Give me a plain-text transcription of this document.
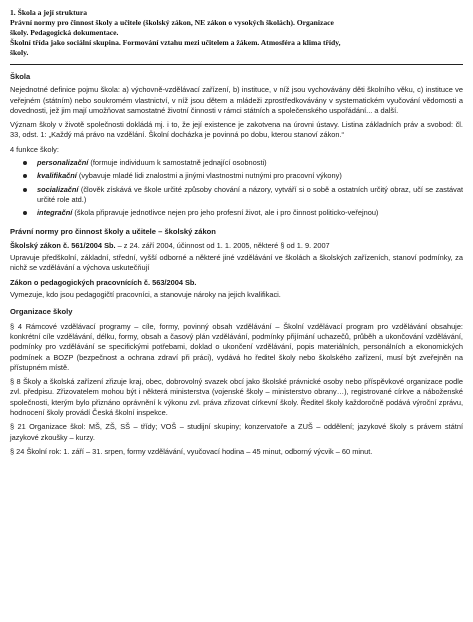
1. Škola a její struktura
Právní normy pro činnost školy a učitele (školský zákon, NE zákon o vysokých školách). Organizace
školy. Pedagogická dokumentace.
Školní třída jako sociální skupina. Formování vztahu mezi učitelem a žákem. Atmosféra a klima třídy,
školy.
Škola

Nejednotné definice pojmu škola: a) výchovně-vzdělávací zařízení, b) instituce, v níž jsou vychovávány děti školního věku, c) instituce ve veřejném (státním) nebo soukromém vlastnictví, v níž jsou dětem a mládeži zprostředkovávány v systematickém vyučování vědomosti a dovednosti, jež jim mají umožňovat samostatné životní činnosti v rámci státních a společenského uspořádání... a další.

Význam školy v životě společnosti dokládá mj. i to, že její existence je zakotvena na úrovni ústavy. Listina základních práv a svobod: čl. 33, odst. 1: „Každý má právo na vzdělání. Školní docházka je povinná po dobu, kterou stanoví zákon.“

4 funkce školy:
personalizační (formuje individuum k samostatně jednající osobnosti)
kvalifikační (vybavuje mladé lidi znalostmi a jinými vlastnostmi nutnými pro pracovní výkony)
socializační (člověk získává ve škole určité způsoby chování a názory, vytváří si o sobě a ostatních určitý obraz, učí se zastávat určité role atd.)
integrační (škola připravuje jednotlivce nejen pro jeho profesní život, ale i pro činnost politicko-veřejnou)
Právní normy pro činnost školy a učitele – školský zákon
Školský zákon č. 561/2004 Sb. – z 24. září 2004, účinnost od 1. 1. 2005, některé § od 1. 9. 2007

Upravuje předškolní, základní, střední, vyšší odborné a některé jiné vzdělávání ve školách a školských zařízeních, stanoví podmínky, za nichž se vzdělávání a výchova uskutečňují

Zákon o pedagogických pracovnících č. 563/2004 Sb.

Vymezuje, kdo jsou pedagogičtí pracovníci, a stanovuje nároky na jejich kvalifikaci.

Organizace školy

§ 4 Rámcové vzdělávací programy – cíle, formy, povinný obsah vzdělávání – Školní vzdělávací program pro vzdělávání obsahuje: konkrétní cíle vzdělávání, délku, formy, obsah a časový plán vzdělávání, podmínky přijímání uchazečů, průběh a ukončování vzdělávání, podmínky pro vzdělávání se specifickými potřebami, doklad o ukončení vzdělávání, popis materiálních, personálních a ekonomických podmínek a BOZP (bezpečnost a ochrana zdraví při práci), vydává ho ředitel školy nebo školského zařízení, musí být zveřejněn na přístupném místě.

§ 8 Školy a školská zařízení zřizuje kraj, obec, dobrovolný svazek obcí jako školské právnické osoby nebo příspěvkové organizace podle zvl. předpisu. Zřizovatelem mohou být i některá ministerstva (vojenské školy – ministerstvo obrany…), registrované církve a náboženské společnosti, kterým bylo přiznáno oprávnění k výkonu zvl. práva zřizovat církevní školy. Ředitel školy každoročně podává výroční zprávu, hodnocení školy provádí Česká školní inspekce.

§ 21 Organizace škol: MŠ, ZŠ, SŠ – třídy; VOŠ – studijní skupiny; konzervatoře a ZUŠ – oddělení; jazykové školy s právem státní jazykové zkoušky – kurzy.

§ 24 Školní rok: 1. září – 31. srpen, formy vzdělávání, vyučovací hodina – 45 minut, odborný výcvik – 60 minut.
